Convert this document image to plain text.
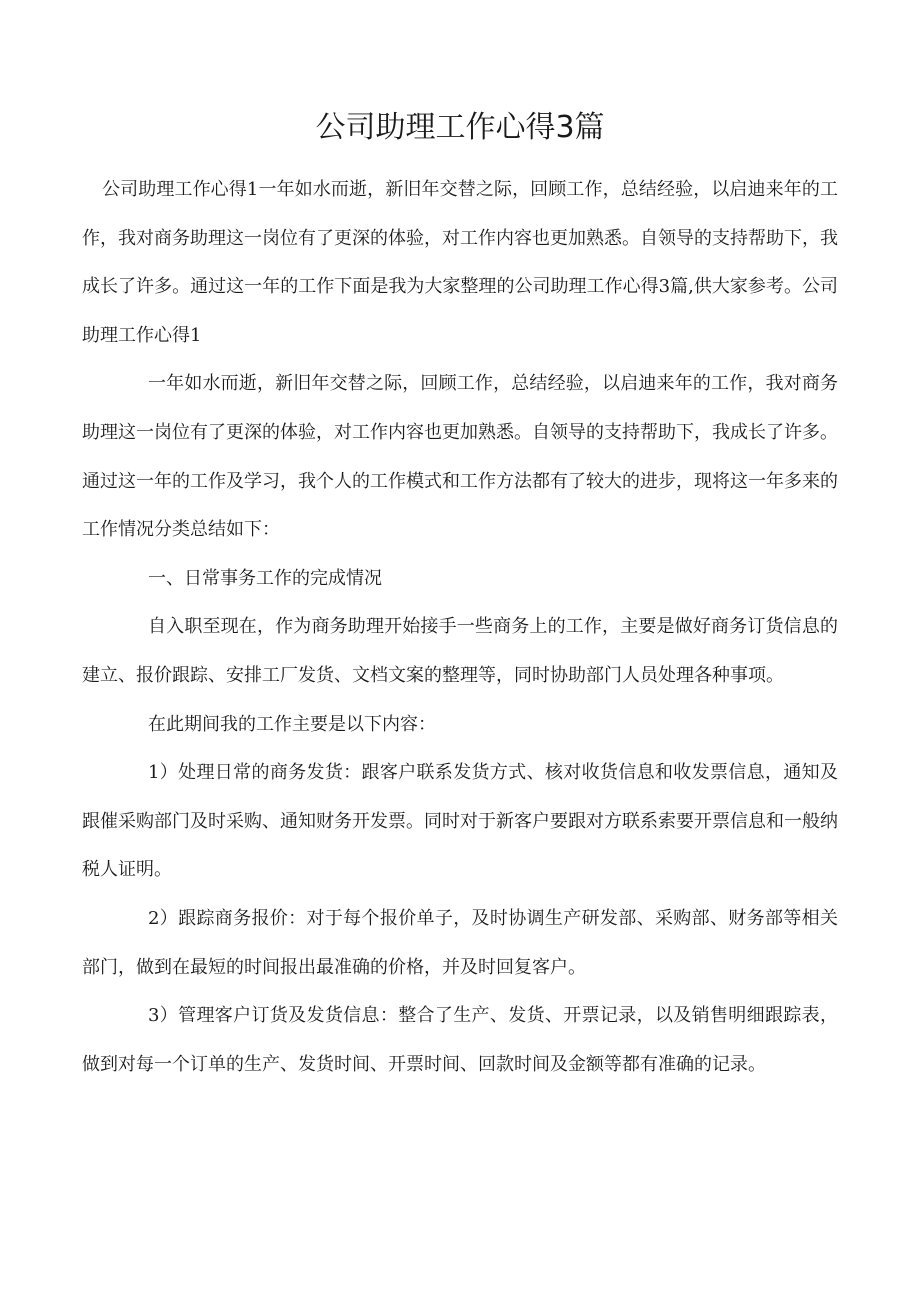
公司助理工作心得3篇

公司助理工作心得1一年如水而逝，新旧年交替之际，回顾工作，总结经验，以启迪来年的工作，我对商务助理这一岗位有了更深的体验，对工作内容也更加熟悉。自领导的支持帮助下，我成长了许多。通过这一年的工作下面是我为大家整理的公司助理工作心得3篇,供大家参考。公司助理工作心得1

一年如水而逝，新旧年交替之际，回顾工作，总结经验，以启迪来年的工作，我对商务助理这一岗位有了更深的体验，对工作内容也更加熟悉。自领导的支持帮助下，我成长了许多。通过这一年的工作及学习，我个人的工作模式和工作方法都有了较大的进步，现将这一年多来的工作情况分类总结如下：

一、日常事务工作的完成情况

自入职至现在，作为商务助理开始接手一些商务上的工作，主要是做好商务订货信息的建立、报价跟踪、安排工厂发货、文档文案的整理等，同时协助部门人员处理各种事项。

在此期间我的工作主要是以下内容：

1）处理日常的商务发货：跟客户联系发货方式、核对收货信息和收发票信息，通知及跟催采购部门及时采购、通知财务开发票。同时对于新客户要跟对方联系索要开票信息和一般纳税人证明。

2）跟踪商务报价：对于每个报价单子，及时协调生产研发部、采购部、财务部等相关部门，做到在最短的时间报出最准确的价格，并及时回复客户。

3）管理客户订货及发货信息：整合了生产、发货、开票记录，以及销售明细跟踪表，做到对每一个订单的生产、发货时间、开票时间、回款时间及金额等都有准确的记录。
